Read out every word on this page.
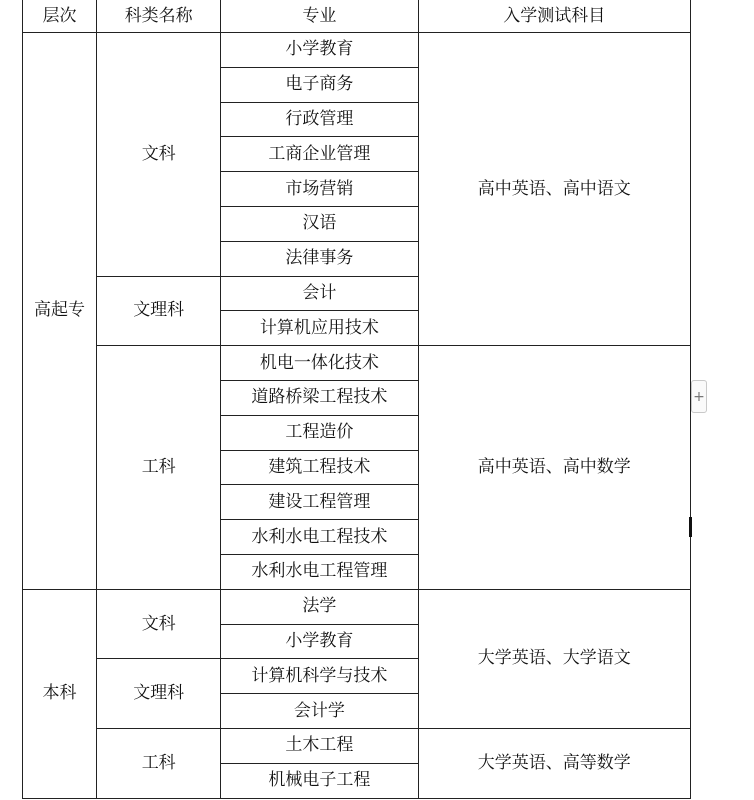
层次	科类名称	专业	入学测试科目
高起专	文科	小学教育	高中英语、高中语文
		电子商务	
		行政管理	
		工商企业管理	
		市场营销	
		汉语	
		法律事务	
	文理科	会计	
		计算机应用技术	
	工科	机电一体化技术	高中英语、高中数学
		道路桥梁工程技术	
		工程造价	
		建筑工程技术	
		建设工程管理	
		水利水电工程技术	
		水利水电工程管理	
本科	文科	法学	大学英语、大学语文
		小学教育	
	文理科	计算机科学与技术	
		会计学	
	工科	土木工程	大学英语、高等数学
		机械电子工程	
+
